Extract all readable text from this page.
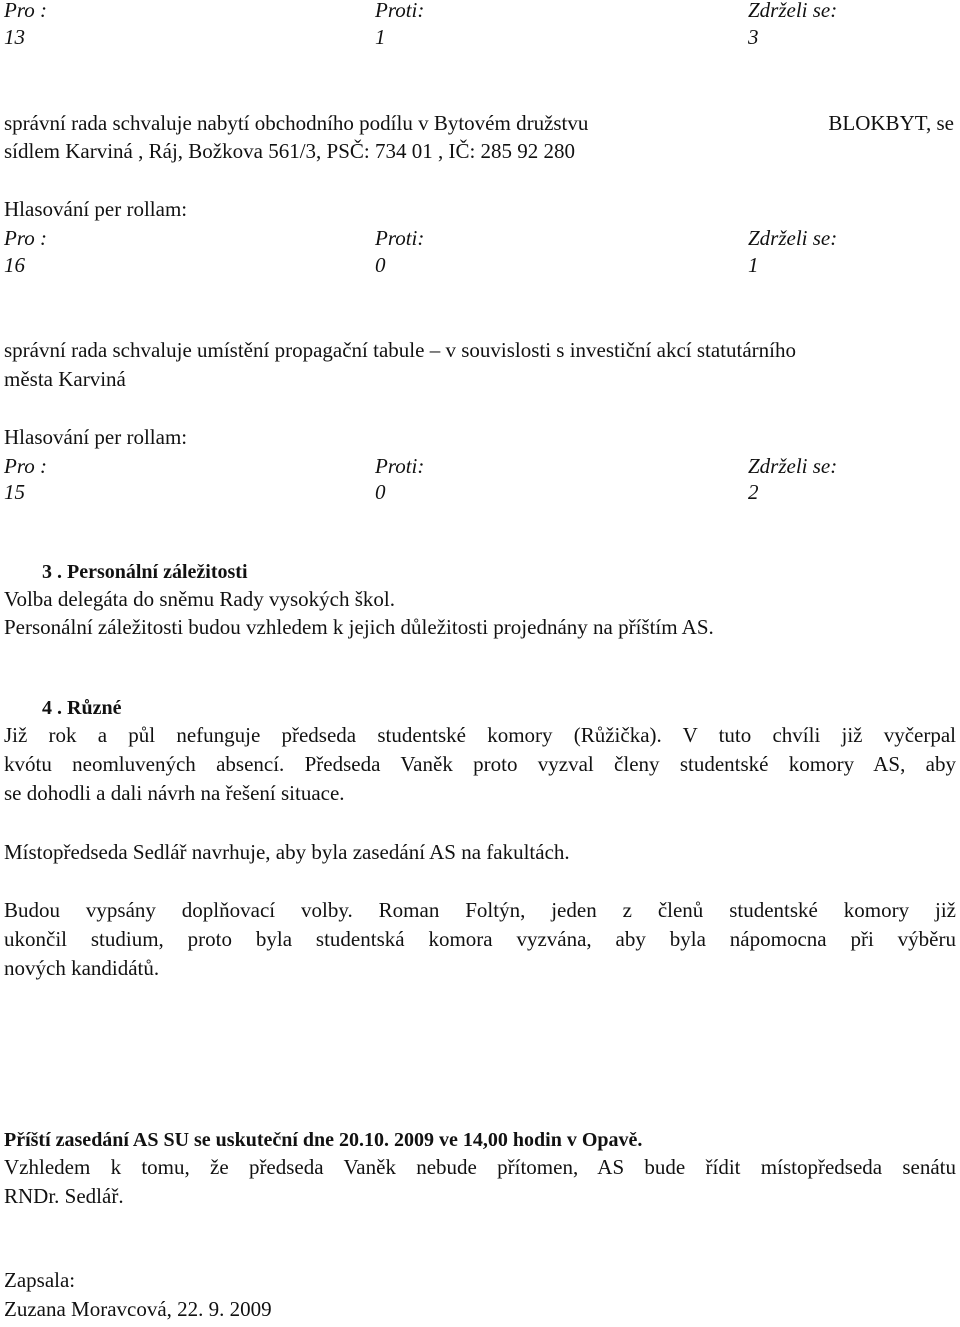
Pro :	Proti:	Zdrželi se:
13	1	3
správní rada schvaluje nabytí obchodního podílu v Bytovém družstvu	BLOKBYT, se
sídlem Karviná , Ráj, Božkova 561/3, PSČ: 734 01 , IČ: 285 92 280
Hlasování per rollam:
Pro :	Proti:	Zdrželi se:
16	0	1
správní rada schvaluje umístění propagační tabule – v souvislosti s investiční akcí statutárního
města Karviná
Hlasování per rollam:
Pro :	Proti:	Zdrželi se:
15	0	2
3 . Personální záležitosti
Volba delegáta do sněmu Rady vysokých škol.
Personální záležitosti budou vzhledem k jejich důležitosti projednány na příštím AS.
4 . Různé
Již rok a půl nefunguje předseda studentské komory (Růžička). V tuto chvíli již vyčerpal
kvótu neomluvených absencí. Předseda Vaněk proto vyzval členy studentské komory AS, aby
se dohodli a dali návrh na řešení situace.
Místopředseda Sedlář navrhuje, aby byla zasedání AS na fakultách.
Budou vypsány doplňovací volby. Roman Foltýn, jeden z členů studentské komory již
ukončil studium, proto byla studentská komora vyzvána, aby byla nápomocna při výběru
nových kandidátů.
Příští zasedání AS SU se uskuteční dne 20.10. 2009 ve 14,00 hodin v Opavě.
Vzhledem k tomu, že předseda Vaněk nebude přítomen, AS bude řídit místopředseda senátu
RNDr. Sedlář.
Zapsala:
Zuzana Moravcová, 22. 9. 2009
